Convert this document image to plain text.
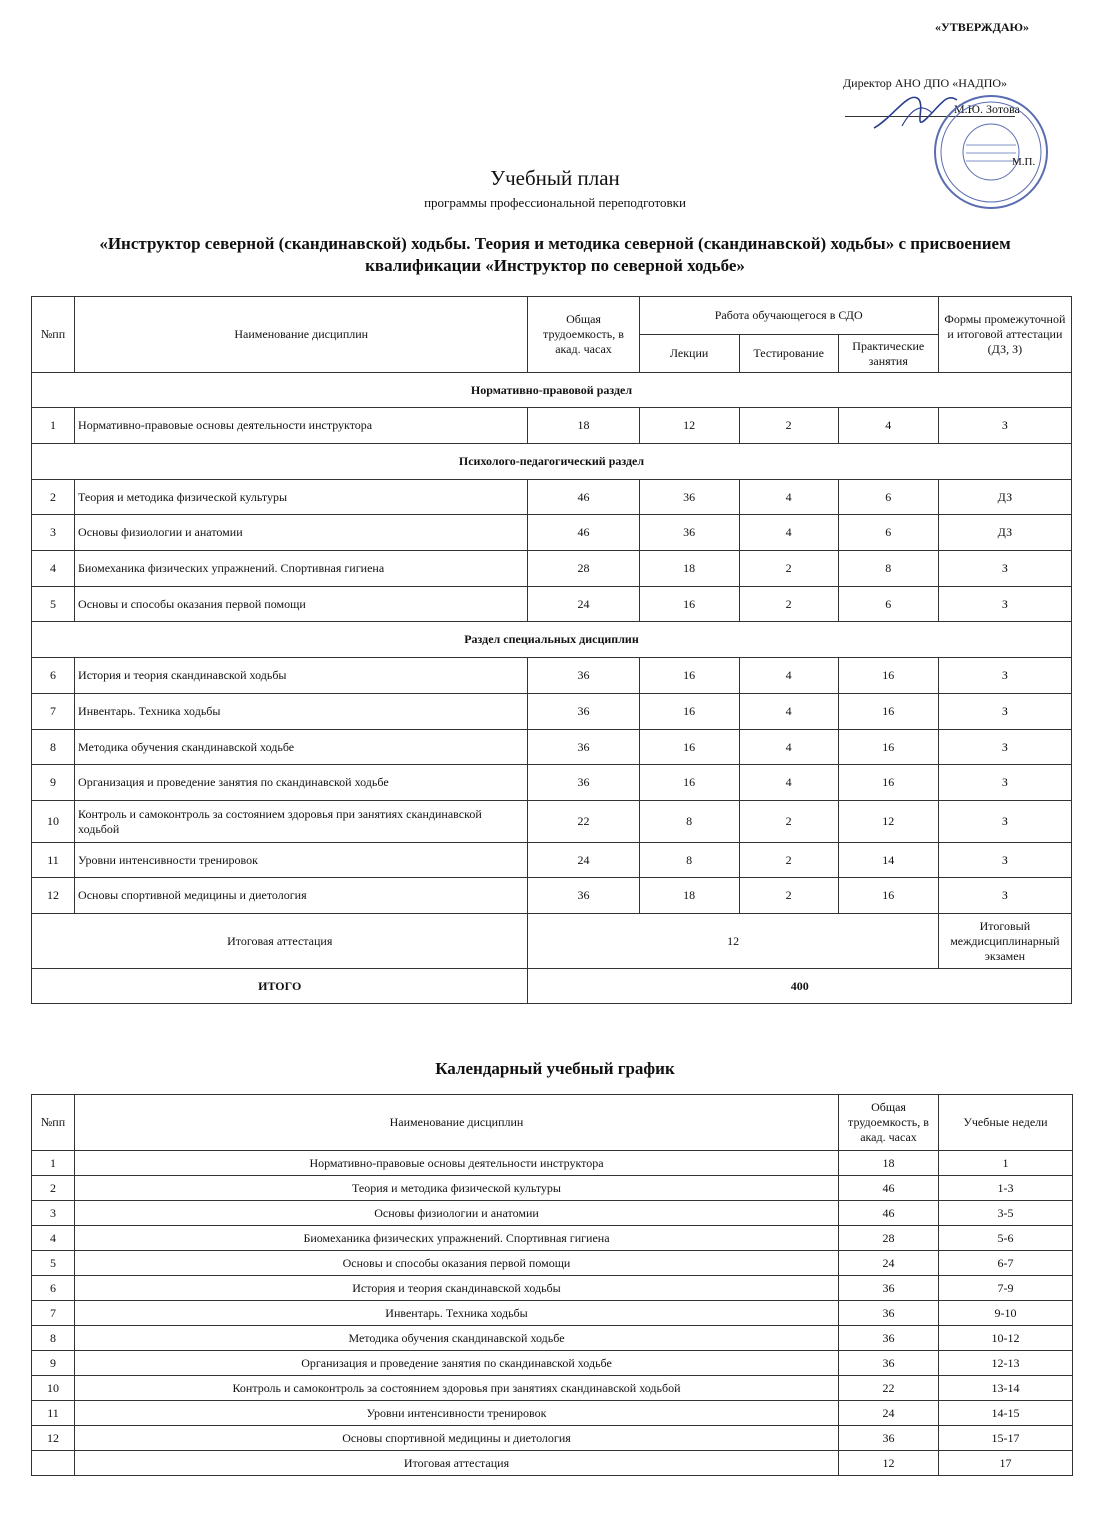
«УТВЕРЖДАЮ»
Директор АНО ДПО «НАДПО»
М.Ю. Зотова
М.П.
Учебный план
программы профессиональной переподготовки
«Инструктор северной (скандинавской) ходьбы. Теория и методика северной (скандинавской) ходьбы» с присвоением квалификации «Инструктор по северной ходьбе»
№пп	Наименование дисциплин	Общая трудоемкость, в акад. часах	Работа обучающегося в СДО			Формы промежуточной и итоговой аттестации (ДЗ, З)
			Лекции	Тестирование	Практические занятия	
Нормативно-правовой раздел						
1	Нормативно-правовые основы деятельности инструктора	18	12	2	4	З
Психолого-педагогический раздел						
2	Теория и методика физической культуры	46	36	4	6	ДЗ
3	Основы физиологии и анатомии	46	36	4	6	ДЗ
4	Биомеханика физических упражнений. Спортивная гигиена	28	18	2	8	З
5	Основы и способы оказания первой помощи	24	16	2	6	З
Раздел специальных дисциплин						
6	История и теория скандинавской ходьбы	36	16	4	16	З
7	Инвентарь. Техника ходьбы	36	16	4	16	З
8	Методика обучения скандинавской ходьбе	36	16	4	16	З
9	Организация и проведение занятия по скандинавской ходьбе	36	16	4	16	З
10	Контроль и самоконтроль за состоянием здоровья при занятиях скандинавской ходьбой	22	8	2	12	З
11	Уровни интенсивности тренировок	24	8	2	14	З
12	Основы спортивной медицины и диетология	36	18	2	16	З
Итоговая аттестация		12				Итоговый междисциплинарный экзамен
ИТОГО		400				
Календарный учебный график
№пп	Наименование дисциплин	Общая трудоемкость, в акад. часах	Учебные недели
1	Нормативно-правовые основы деятельности инструктора	18	1
2	Теория и методика физической культуры	46	1-3
3	Основы физиологии и анатомии	46	3-5
4	Биомеханика физических упражнений. Спортивная гигиена	28	5-6
5	Основы и способы оказания первой помощи	24	6-7
6	История и теория скандинавской ходьбы	36	7-9
7	Инвентарь. Техника ходьбы	36	9-10
8	Методика обучения скандинавской ходьбе	36	10-12
9	Организация и проведение занятия по скандинавской ходьбе	36	12-13
10	Контроль и самоконтроль за состоянием здоровья при занятиях скандинавской ходьбой	22	13-14
11	Уровни интенсивности тренировок	24	14-15
12	Основы спортивной медицины и диетология	36	15-17
	Итоговая аттестация	12	17
